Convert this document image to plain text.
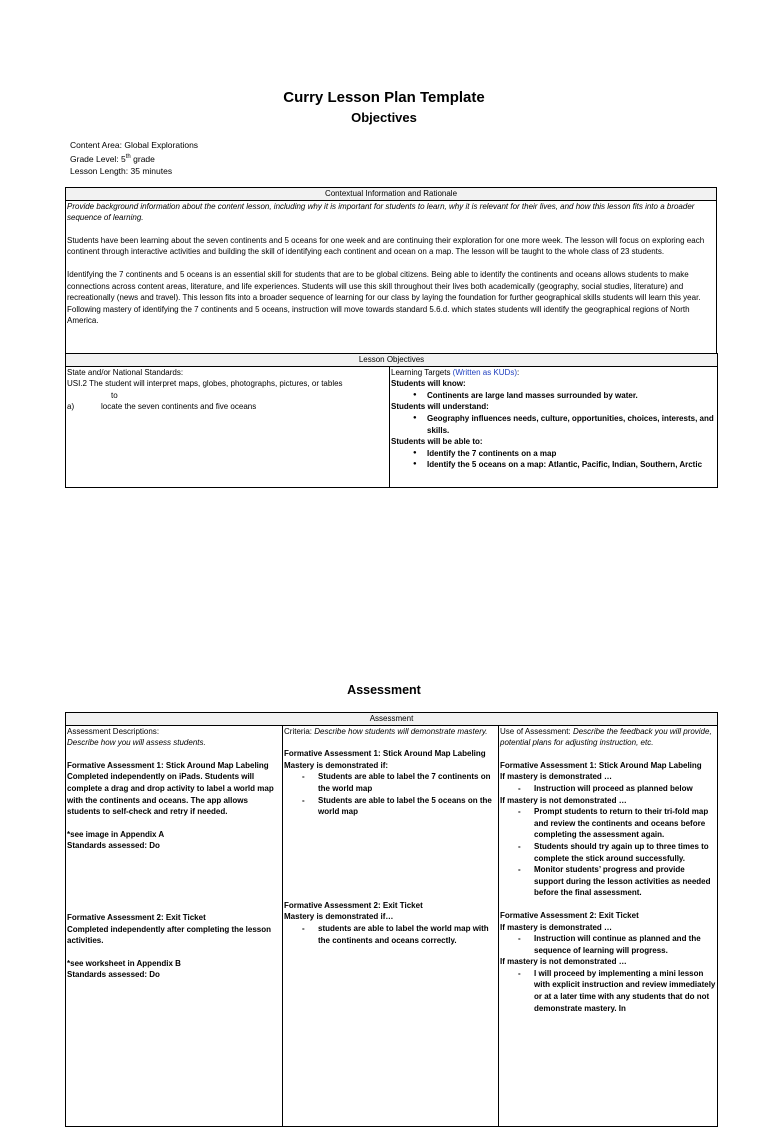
Curry Lesson Plan Template
Objectives
Content Area: Global Explorations
Grade Level: 5th grade
Lesson Length: 35 minutes
Contextual Information and Rationale

Provide background information about the content lesson, including why it is important for students to learn, why it is relevant for their lives, and how this lesson fits into a broader sequence of learning.

Students have been learning about the seven continents and 5 oceans for one week and are continuing their exploration for one more week. The lesson will focus on exploring each continent through interactive activities and building the skill of identifying each continent and ocean on a map. The lesson will be taught to the whole class of 23 students.

Identifying the 7 continents and 5 oceans is an essential skill for students that are to be global citizens. Being able to identify the continents and oceans allows students to make connections across content areas, literature, and life experiences. Students will use this skill throughout their lives both academically (geography, social studies, literature) and recreationally (news and travel). This lesson fits into a broader sequence of learning for our class by laying the foundation for further geographical skills students will learn this year. Following mastery of identifying the 7 continents and 5 oceans, instruction will move towards standard 5.6.d. which states students will identify the geographical regions of North America.

Lesson Objectives

State and/or National Standards:

USI.2 The student will interpret maps, globes, photographs, pictures, or tables

to

a)	locate the seven continents and five oceans

Learning Targets (Written as KUDs):

Students will know:

● Continents are large land masses surrounded by water.

Students will understand:

● Geography influences needs, culture, opportunities, choices, interests, and skills.

Students will be able to:

● Identify the 7 continents on a map
● Identify the 5 oceans on a map: Atlantic, Pacific, Indian, Southern, Arctic
Assessment
Assessment

Assessment Descriptions:

Describe how you will assess students.

Formative Assessment 1: Stick Around Map Labeling

Completed independently on iPads. Students will complete a drag and drop activity to label a world map with the continents and oceans. The app allows students to self-check and retry if needed.

*see image in Appendix A

Standards assessed: Do

Formative Assessment 2: Exit Ticket

Completed independently after completing the lesson activities.

*see worksheet in Appendix B

Standards assessed: Do

Criteria: Describe how students will demonstrate mastery.

Formative Assessment 1: Stick Around Map Labeling

Mastery is demonstrated if:

- Students are able to label the 7 continents on the world map
- Students are able to label the 5 oceans on the world map

Formative Assessment 2: Exit Ticket

Mastery is demonstrated if…

- students are able to label the world map with the continents and oceans correctly.

Use of Assessment: Describe the feedback you will provide, potential plans for adjusting instruction, etc.

Formative Assessment 1: Stick Around Map Labeling

If mastery is demonstrated …

- Instruction will proceed as planned below

If mastery is not demonstrated …

- Prompt students to return to their tri-fold map and review the continents and oceans before completing the assessment again.
- Students should try again up to three times to complete the stick around successfully.
- Monitor students’ progress and provide support during the lesson activities as needed before the final assessment.

Formative Assessment 2: Exit Ticket

If mastery is demonstrated …

- Instruction will continue as planned and the sequence of learning will progress.

If mastery is not demonstrated …

- I will proceed by implementing a mini lesson with explicit instruction and review immediately or at a later time with any students that do not demonstrate mastery. In
